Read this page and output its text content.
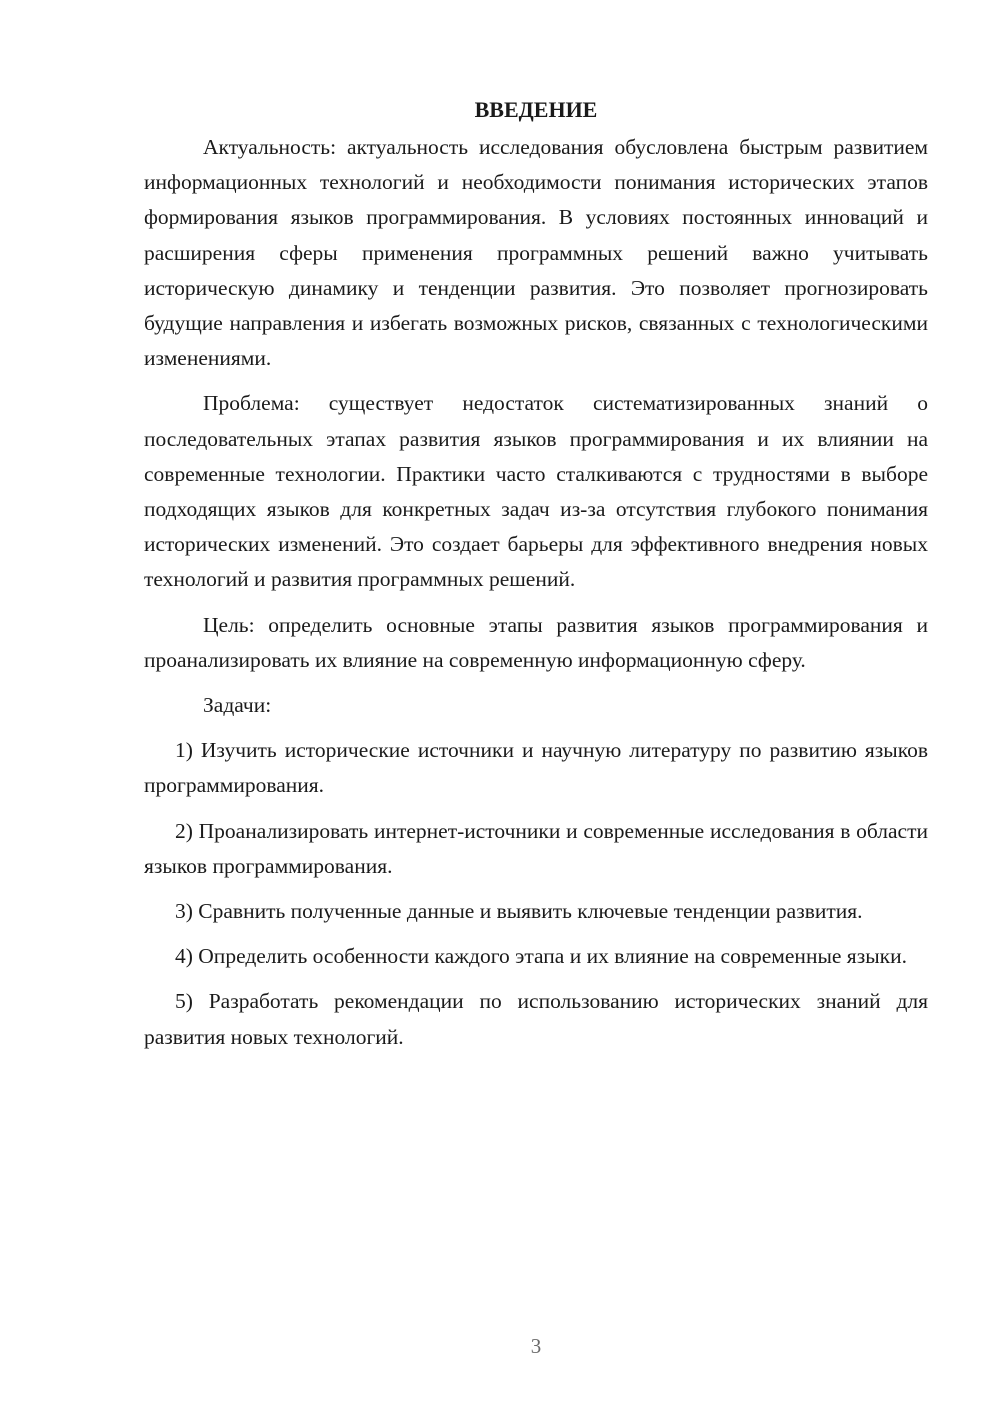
ВВЕДЕНИЕ

Актуальность: актуальность исследования обусловлена быстрым развитием информационных технологий и необходимости понимания исторических этапов формирования языков программирования. В условиях постоянных инноваций и расширения сферы применения программных решений важно учитывать историческую динамику и тенденции развития. Это позволяет прогнозировать будущие направления и избегать возможных рисков, связанных с технологическими изменениями.

Проблема: существует недостаток систематизированных знаний о последовательных этапах развития языков программирования и их влиянии на современные технологии. Практики часто сталкиваются с трудностями в выборе подходящих языков для конкретных задач из-за отсутствия глубокого понимания исторических изменений. Это создает барьеры для эффективного внедрения новых технологий и развития программных решений.

Цель: определить основные этапы развития языков программирования и проанализировать их влияние на современную информационную сферу.

Задачи:

1) Изучить исторические источники и научную литературу по развитию языков программирования.

2) Проанализировать интернет-источники и современные исследования в области языков программирования.

3) Сравнить полученные данные и выявить ключевые тенденции развития.

4) Определить особенности каждого этапа и их влияние на современные языки.

5) Разработать рекомендации по использованию исторических знаний для развития новых технологий.

3
